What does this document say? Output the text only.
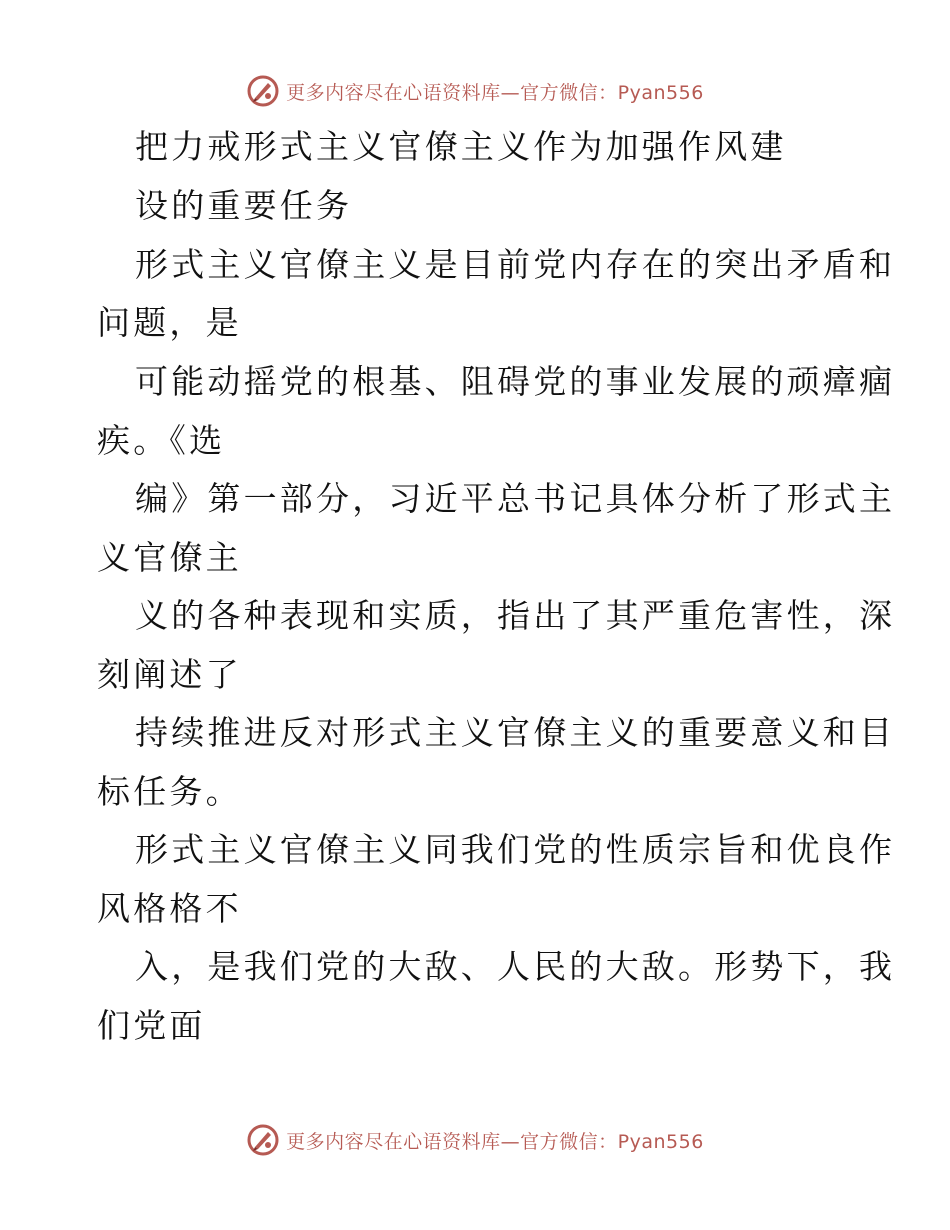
更多内容尽在心语资料库—官方微信：Pyan556
把力戒形式主义官僚主义作为加强作风建
设的重要任务
形式主义官僚主义是目前党内存在的突出矛盾和
问题，是
可能动摇党的根基、阻碍党的事业发展的顽瘴痼
疾。《选
编》第一部分，习近平总书记具体分析了形式主
义官僚主
义的各种表现和实质，指出了其严重危害性，深
刻阐述了
持续推进反对形式主义官僚主义的重要意义和目
标任务。
形式主义官僚主义同我们党的性质宗旨和优良作
风格格不
入，是我们党的大敌、人民的大敌。形势下，我
们党面
更多内容尽在心语资料库—官方微信：Pyan556
